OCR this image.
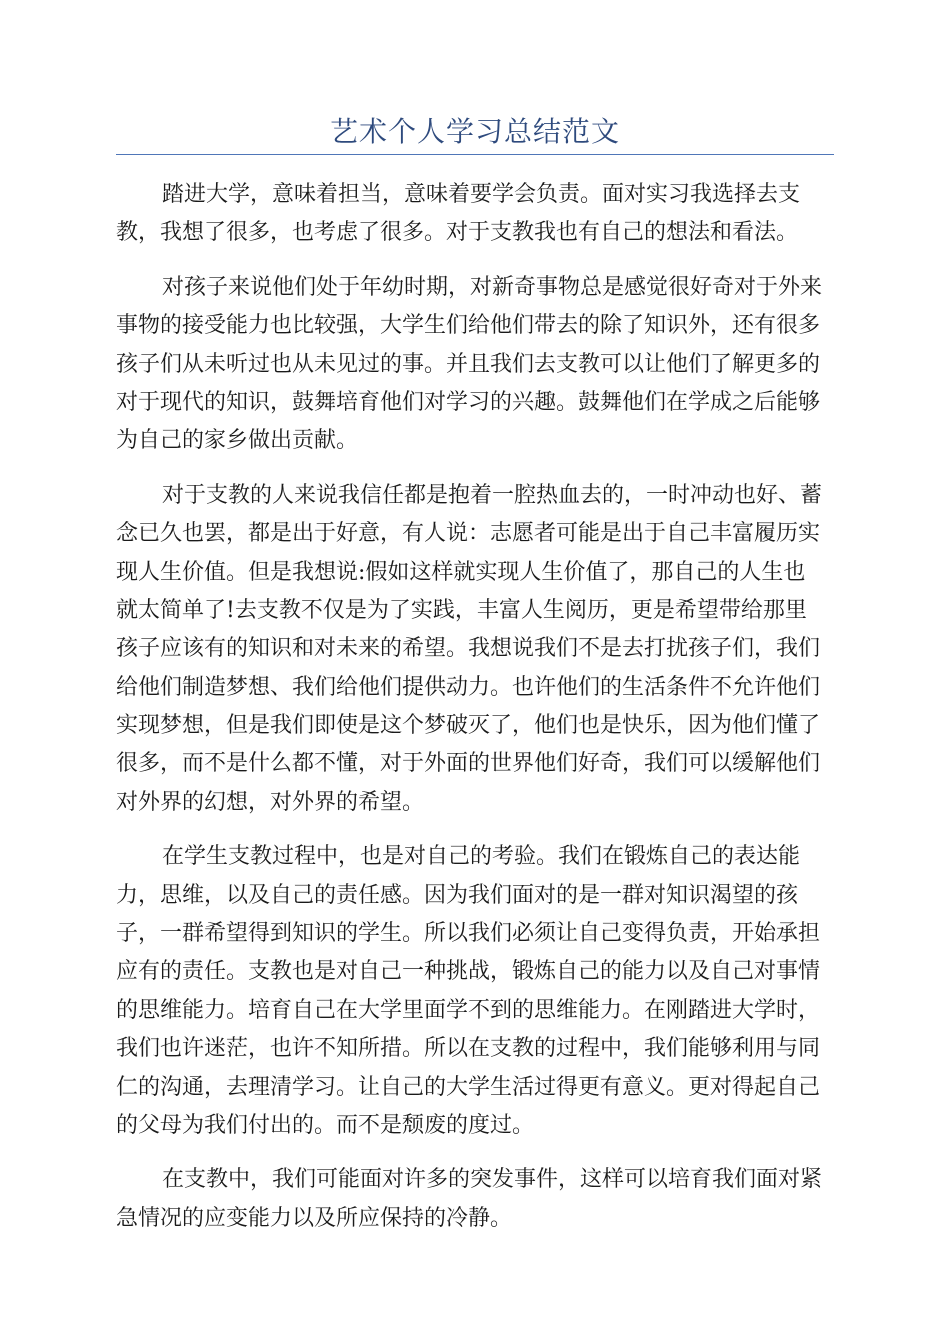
艺术个人学习总结范文
踏进大学，意味着担当，意味着要学会负责。面对实习我选择去支
教，我想了很多，也考虑了很多。对于支教我也有自己的想法和看法。
对孩子来说他们处于年幼时期，对新奇事物总是感觉很好奇对于外来
事物的接受能力也比较强，大学生们给他们带去的除了知识外，还有很多
孩子们从未听过也从未见过的事。并且我们去支教可以让他们了解更多的
对于现代的知识，鼓舞培育他们对学习的兴趣。鼓舞他们在学成之后能够
为自己的家乡做出贡献。
对于支教的人来说我信任都是抱着一腔热血去的，一时冲动也好、蓄
念已久也罢，都是出于好意，有人说：志愿者可能是出于自己丰富履历实
现人生价值。但是我想说:假如这样就实现人生价值了，那自己的人生也
就太简单了!去支教不仅是为了实践，丰富人生阅历，更是希望带给那里
孩子应该有的知识和对未来的希望。我想说我们不是去打扰孩子们，我们
给他们制造梦想、我们给他们提供动力。也许他们的生活条件不允许他们
实现梦想，但是我们即使是这个梦破灭了，他们也是快乐，因为他们懂了
很多，而不是什么都不懂，对于外面的世界他们好奇，我们可以缓解他们
对外界的幻想，对外界的希望。
在学生支教过程中，也是对自己的考验。我们在锻炼自己的表达能
力，思维，以及自己的责任感。因为我们面对的是一群对知识渴望的孩
子，一群希望得到知识的学生。所以我们必须让自己变得负责，开始承担
应有的责任。支教也是对自己一种挑战，锻炼自己的能力以及自己对事情
的思维能力。培育自己在大学里面学不到的思维能力。在刚踏进大学时，
我们也许迷茫，也许不知所措。所以在支教的过程中，我们能够利用与同
仁的沟通，去理清学习。让自己的大学生活过得更有意义。更对得起自己
的父母为我们付出的。而不是颓废的度过。
在支教中，我们可能面对许多的突发事件，这样可以培育我们面对紧
急情况的应变能力以及所应保持的冷静。
